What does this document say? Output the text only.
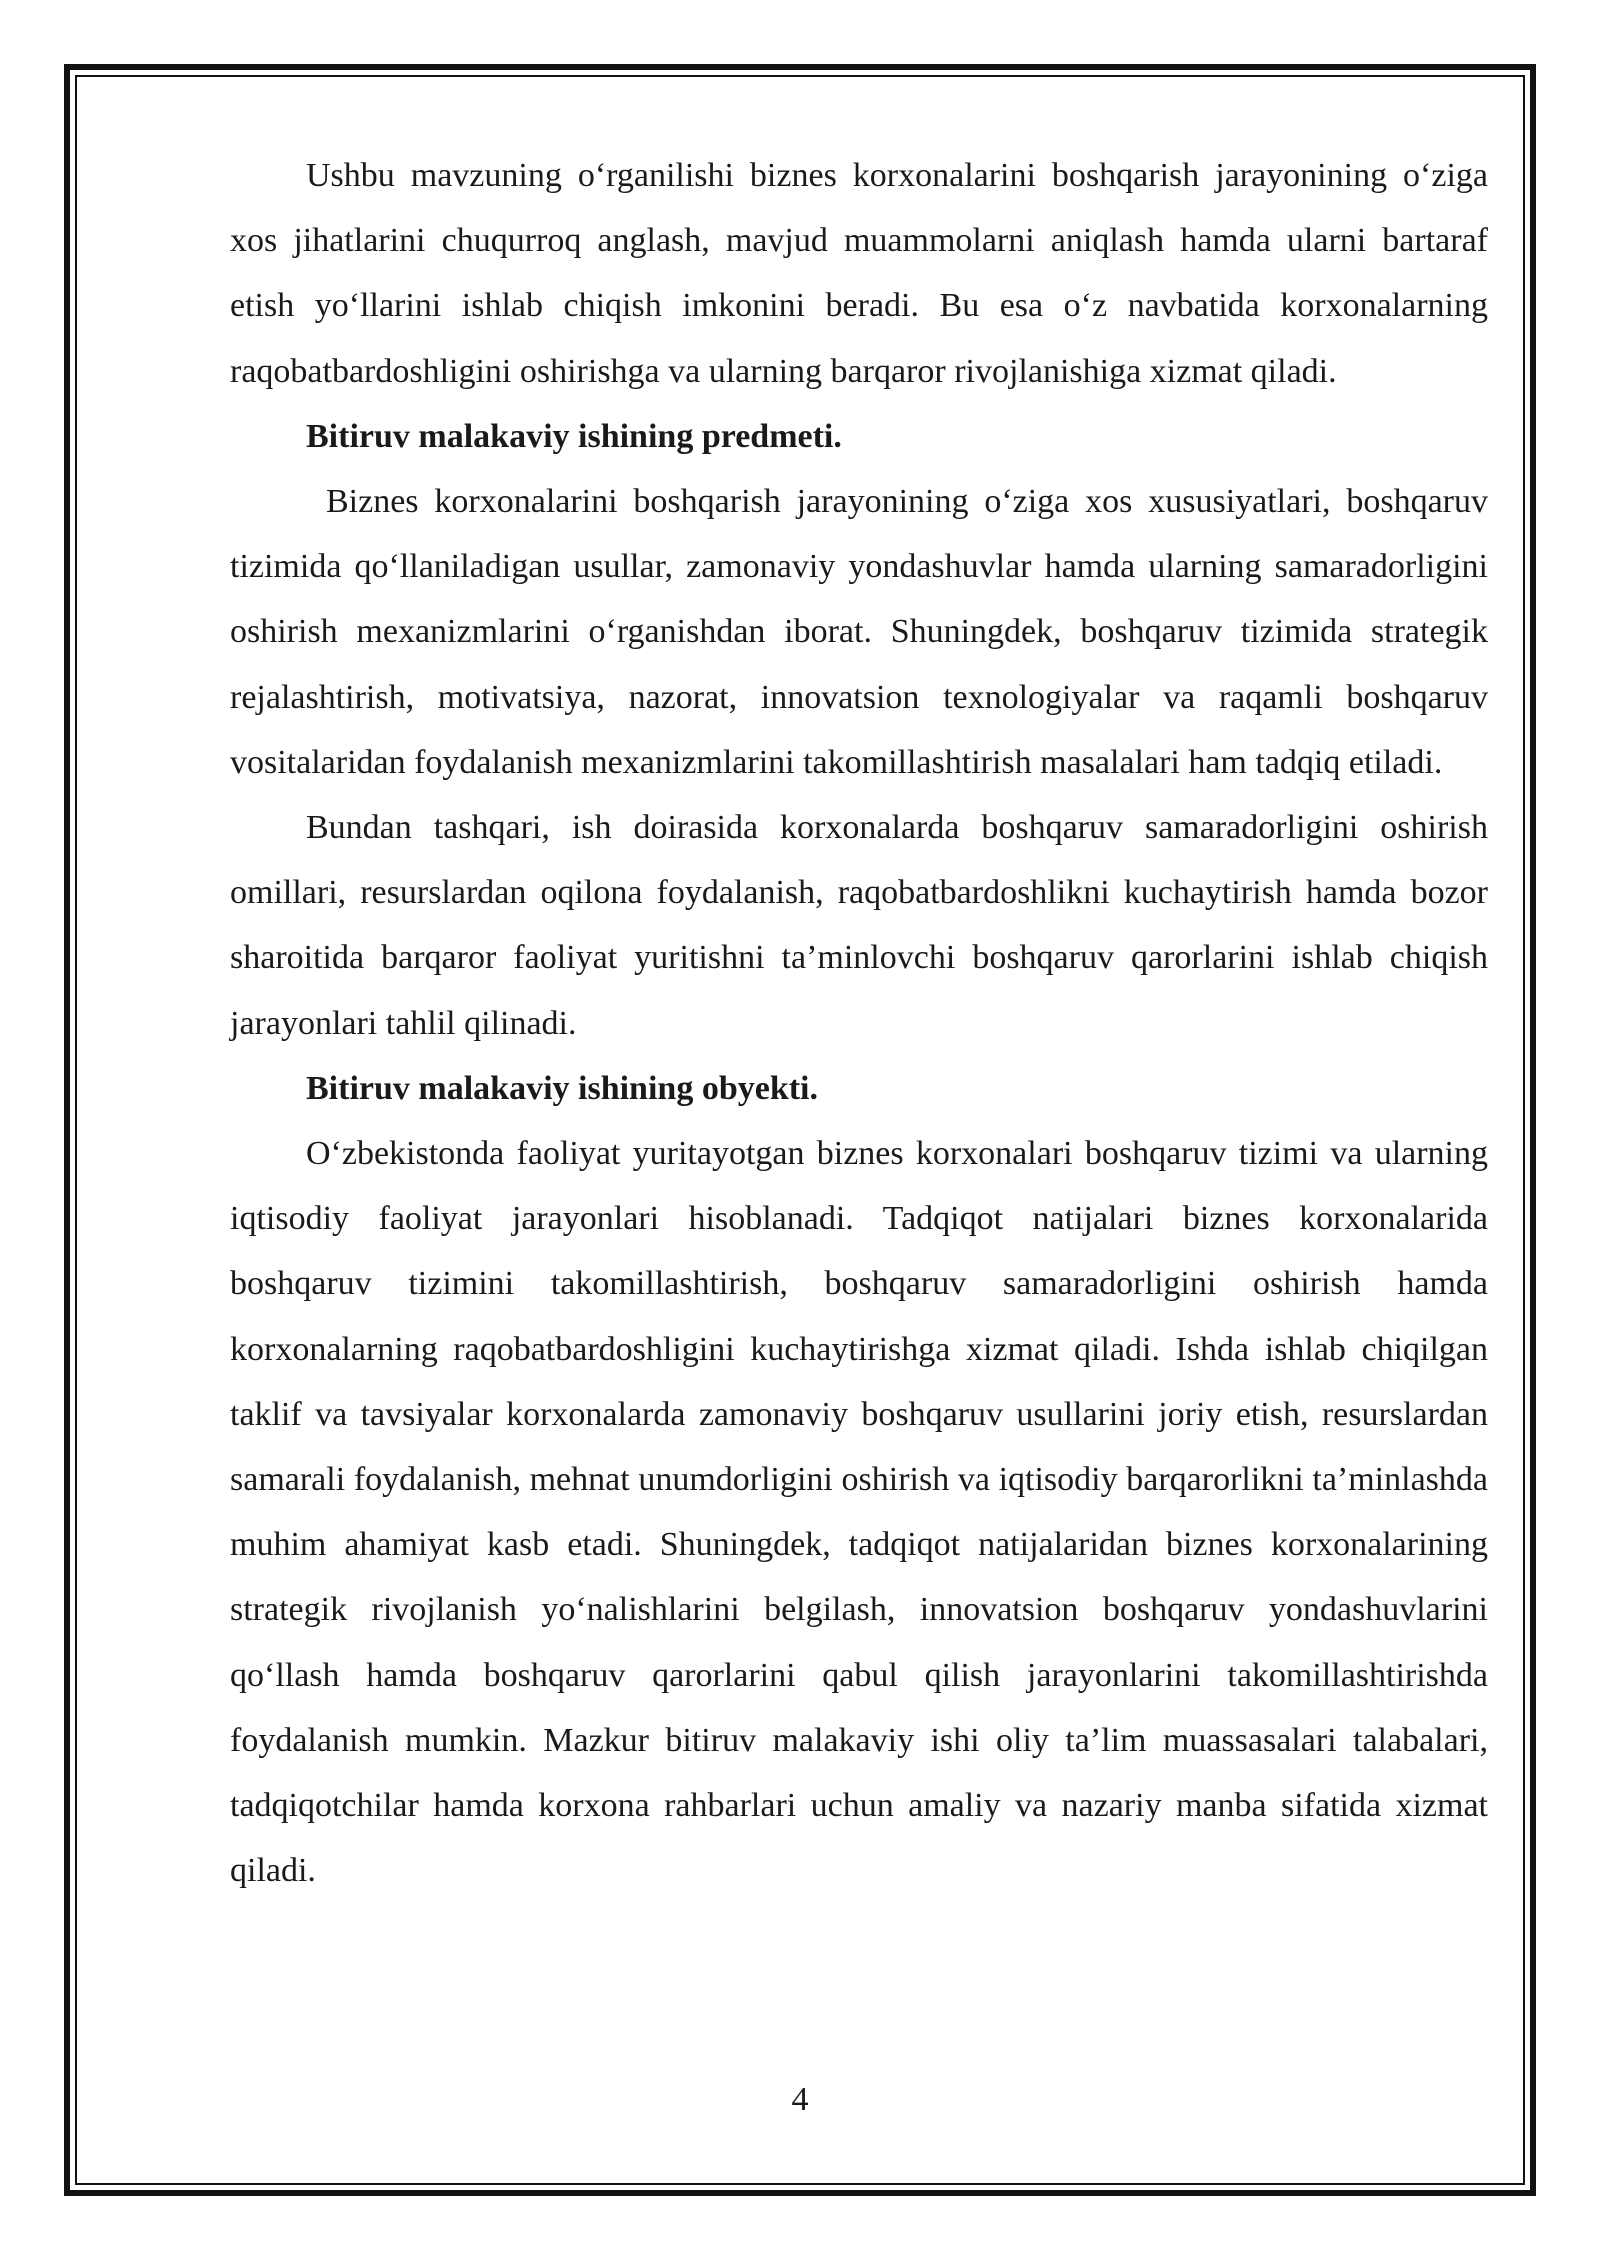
Ushbu mavzuning o‘rganilishi biznes korxonalarini boshqarish jarayonining o‘ziga xos jihatlarini chuqurroq anglash, mavjud muammolarni aniqlash hamda ularni bartaraf etish yo‘llarini ishlab chiqish imkonini beradi. Bu esa o‘z navbatida korxonalarning raqobatbardoshligini oshirishga va ularning barqaror rivojlanishiga xizmat qiladi.

Bitiruv malakaviy ishining predmeti.

Biznes korxonalarini boshqarish jarayonining o‘ziga xos xususiyatlari, boshqaruv tizimida qo‘llaniladigan usullar, zamonaviy yondashuvlar hamda ularning samaradorligini oshirish mexanizmlarini o‘rganishdan iborat. Shuningdek, boshqaruv tizimida strategik rejalashtirish, motivatsiya, nazorat, innovatsion texnologiyalar va raqamli boshqaruv vositalaridan foydalanish mexanizmlarini takomillashtirish masalalari ham tadqiq etiladi.

Bundan tashqari, ish doirasida korxonalarda boshqaruv samaradorligini oshirish omillari, resurslardan oqilona foydalanish, raqobatbardoshlikni kuchaytirish hamda bozor sharoitida barqaror faoliyat yuritishni ta’minlovchi boshqaruv qarorlarini ishlab chiqish jarayonlari tahlil qilinadi.

Bitiruv malakaviy ishining obyekti.

O‘zbekistonda faoliyat yuritayotgan biznes korxonalari boshqaruv tizimi va ularning iqtisodiy faoliyat jarayonlari hisoblanadi. Tadqiqot natijalari biznes korxonalarida boshqaruv tizimini takomillashtirish, boshqaruv samaradorligini oshirish hamda korxonalarning raqobatbardoshligini kuchaytirishga xizmat qiladi. Ishda ishlab chiqilgan taklif va tavsiyalar korxonalarda zamonaviy boshqaruv usullarini joriy etish, resurslardan samarali foydalanish, mehnat unumdorligini oshirish va iqtisodiy barqarorlikni ta’minlashda muhim ahamiyat kasb etadi. Shuningdek, tadqiqot natijalaridan biznes korxonalarining strategik rivojlanish yo‘nalishlarini belgilash, innovatsion boshqaruv yondashuvlarini qo‘llash hamda boshqaruv qarorlarini qabul qilish jarayonlarini takomillashtirishda foydalanish mumkin. Mazkur bitiruv malakaviy ishi oliy ta’lim muassasalari talabalari, tadqiqotchilar hamda korxona rahbarlari uchun amaliy va nazariy manba sifatida xizmat qiladi.

4
